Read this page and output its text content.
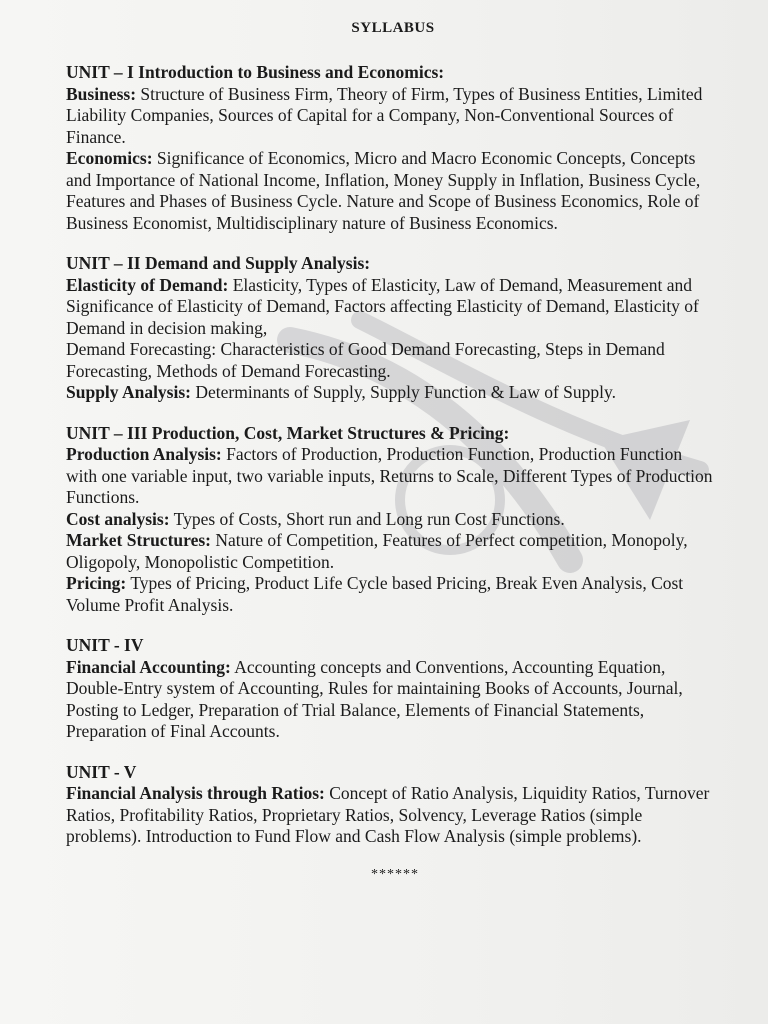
SYLLABUS

UNIT – I Introduction to Business and Economics:

Business: Structure of Business Firm, Theory of Firm, Types of Business Entities, Limited Liability Companies, Sources of Capital for a Company, Non-Conventional Sources of Finance.

Economics: Significance of Economics, Micro and Macro Economic Concepts, Concepts and Importance of National Income, Inflation, Money Supply in Inflation, Business Cycle, Features and Phases of Business Cycle. Nature and Scope of Business Economics, Role of Business Economist, Multidisciplinary nature of Business Economics.

UNIT – II Demand and Supply Analysis:

Elasticity of Demand: Elasticity, Types of Elasticity, Law of Demand, Measurement and Significance of Elasticity of Demand, Factors affecting Elasticity of Demand, Elasticity of Demand in decision making,

Demand Forecasting: Characteristics of Good Demand Forecasting, Steps in Demand Forecasting, Methods of Demand Forecasting.

Supply Analysis: Determinants of Supply, Supply Function & Law of Supply.

UNIT – III Production, Cost, Market Structures & Pricing:

Production Analysis: Factors of Production, Production Function, Production Function with one variable input, two variable inputs, Returns to Scale, Different Types of Production Functions.

Cost analysis: Types of Costs, Short run and Long run Cost Functions.

Market Structures: Nature of Competition, Features of Perfect competition, Monopoly, Oligopoly, Monopolistic Competition.

Pricing: Types of Pricing, Product Life Cycle based Pricing, Break Even Analysis, Cost Volume Profit Analysis.

UNIT - IV

Financial Accounting: Accounting concepts and Conventions, Accounting Equation, Double-Entry system of Accounting, Rules for maintaining Books of Accounts, Journal, Posting to Ledger, Preparation of Trial Balance, Elements of Financial Statements, Preparation of Final Accounts.

UNIT - V

Financial Analysis through Ratios: Concept of Ratio Analysis, Liquidity Ratios, Turnover Ratios, Profitability Ratios, Proprietary Ratios, Solvency, Leverage Ratios (simple problems). Introduction to Fund Flow and Cash Flow Analysis (simple problems).

******
